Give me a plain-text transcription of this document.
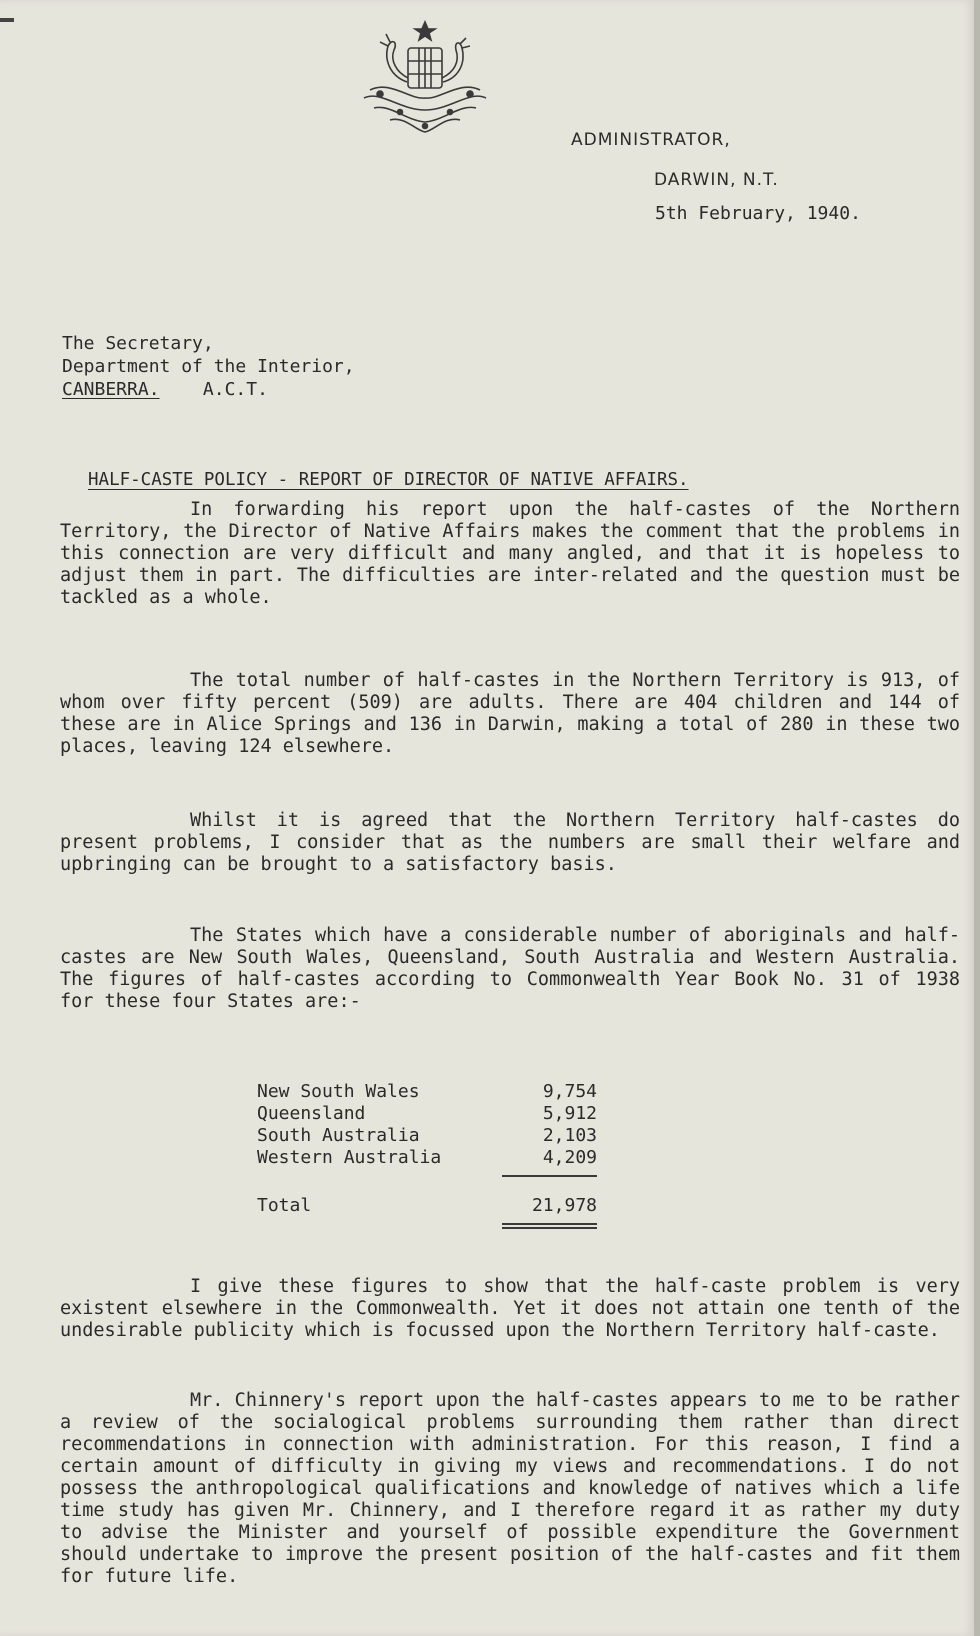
ADMINISTRATOR,
DARWIN, N.T.
5th February, 1940.
The Secretary,
Department of the Interior,
CANBERRA. A.C.T.
HALF-CASTE POLICY - REPORT OF DIRECTOR OF NATIVE AFFAIRS.

In forwarding his report upon the half-castes of the Northern Territory, the Director of Native Affairs makes the comment that the problems in this connection are very difficult and many angled, and that it is hopeless to adjust them in part. The difficulties are inter-related and the question must be tackled as a whole.

The total number of half-castes in the Northern Territory is 913, of whom over fifty percent (509) are adults. There are 404 children and 144 of these are in Alice Springs and 136 in Darwin, making a total of 280 in these two places, leaving 124 elsewhere.

Whilst it is agreed that the Northern Territory half-castes do present problems, I consider that as the numbers are small their welfare and upbringing can be brought to a satisfactory basis.

The States which have a considerable number of aboriginals and half-castes are New South Wales, Queensland, South Australia and Western Australia. The figures of half-castes according to Commonwealth Year Book No. 31 of 1938 for these four States are:-

New South Wales	9,754
Queensland	5,912
South Australia	2,103
Western Australia	4,209
Total	21,978

I give these figures to show that the half-caste problem is very existent elsewhere in the Commonwealth. Yet it does not attain one tenth of the undesirable publicity which is focussed upon the Northern Territory half-caste.

Mr. Chinnery's report upon the half-castes appears to me to be rather a review of the socialogical problems surrounding them rather than direct recommendations in connection with administration. For this reason, I find a certain amount of difficulty in giving my views and recommendations. I do not possess the anthropological qualifications and knowledge of natives which a life time study has given Mr. Chinnery, and I therefore regard it as rather my duty to advise the Minister and yourself of possible expenditure the Government should undertake to improve the present position of the half-castes and fit them for future life.
